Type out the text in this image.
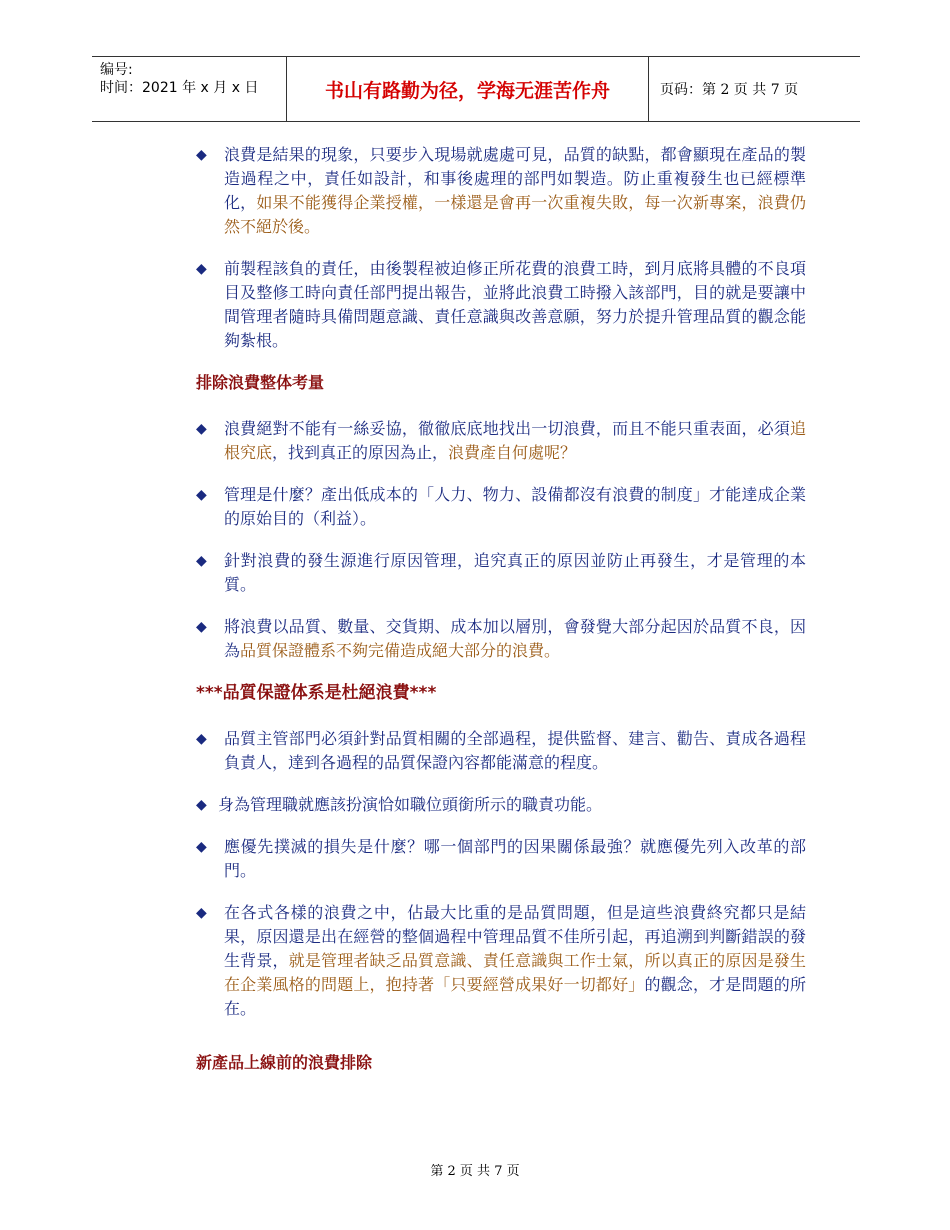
编号:
时间：2021 年 x 月 x 日	书山有路勤为径，学海无涯苦作舟	页码：第 2 页 共 7 页
◆ 浪費是結果的現象，只要步入現場就處處可見，品質的缺點，都會顯現在產品的製造過程之中，責任如設計，和事後處理的部門如製造。防止重複發生也已經標準化，如果不能獲得企業授權，一樣還是會再一次重複失敗，每一次新專案，浪費仍然不絕於後。
◆ 前製程該負的責任，由後製程被迫修正所花費的浪費工時，到月底將具體的不良項目及整修工時向責任部門提出報告，並將此浪費工時撥入該部門，目的就是要讓中間管理者隨時具備問題意識、責任意識與改善意願，努力於提升管理品質的觀念能夠紮根。
排除浪費整体考量
◆ 浪費絕對不能有一絲妥協，徹徹底底地找出一切浪費，而且不能只重表面，必須追根究底，找到真正的原因為止，浪費產自何處呢？
◆ 管理是什麼？產出低成本的「人力、物力、設備都沒有浪費的制度」才能達成企業的原始目的（利益）。
◆ 針對浪費的發生源進行原因管理，追究真正的原因並防止再發生，才是管理的本質。
◆ 將浪費以品質、數量、交貨期、成本加以層別，會發覺大部分起因於品質不良，因為品質保證體系不夠完備造成絕大部分的浪費。
***品質保證体系是杜絕浪費***
◆ 品質主管部門必須針對品質相關的全部過程，提供監督、建言、勸告、責成各過程負責人，達到各過程的品質保證內容都能滿意的程度。
◆ 身為管理職就應該扮演恰如職位頭銜所示的職責功能。
◆ 應優先撲滅的損失是什麼？哪一個部門的因果關係最強？就應優先列入改革的部門。
◆ 在各式各樣的浪費之中，佔最大比重的是品質問題，但是這些浪費終究都只是結果，原因還是出在經營的整個過程中管理品質不佳所引起，再追溯到判斷錯誤的發生背景，就是管理者缺乏品質意識、責任意識與工作士氣，所以真正的原因是發生在企業風格的問題上，抱持著「只要經營成果好一切都好」的觀念，才是問題的所在。
新產品上線前的浪費排除
第 2 页 共 7 页
